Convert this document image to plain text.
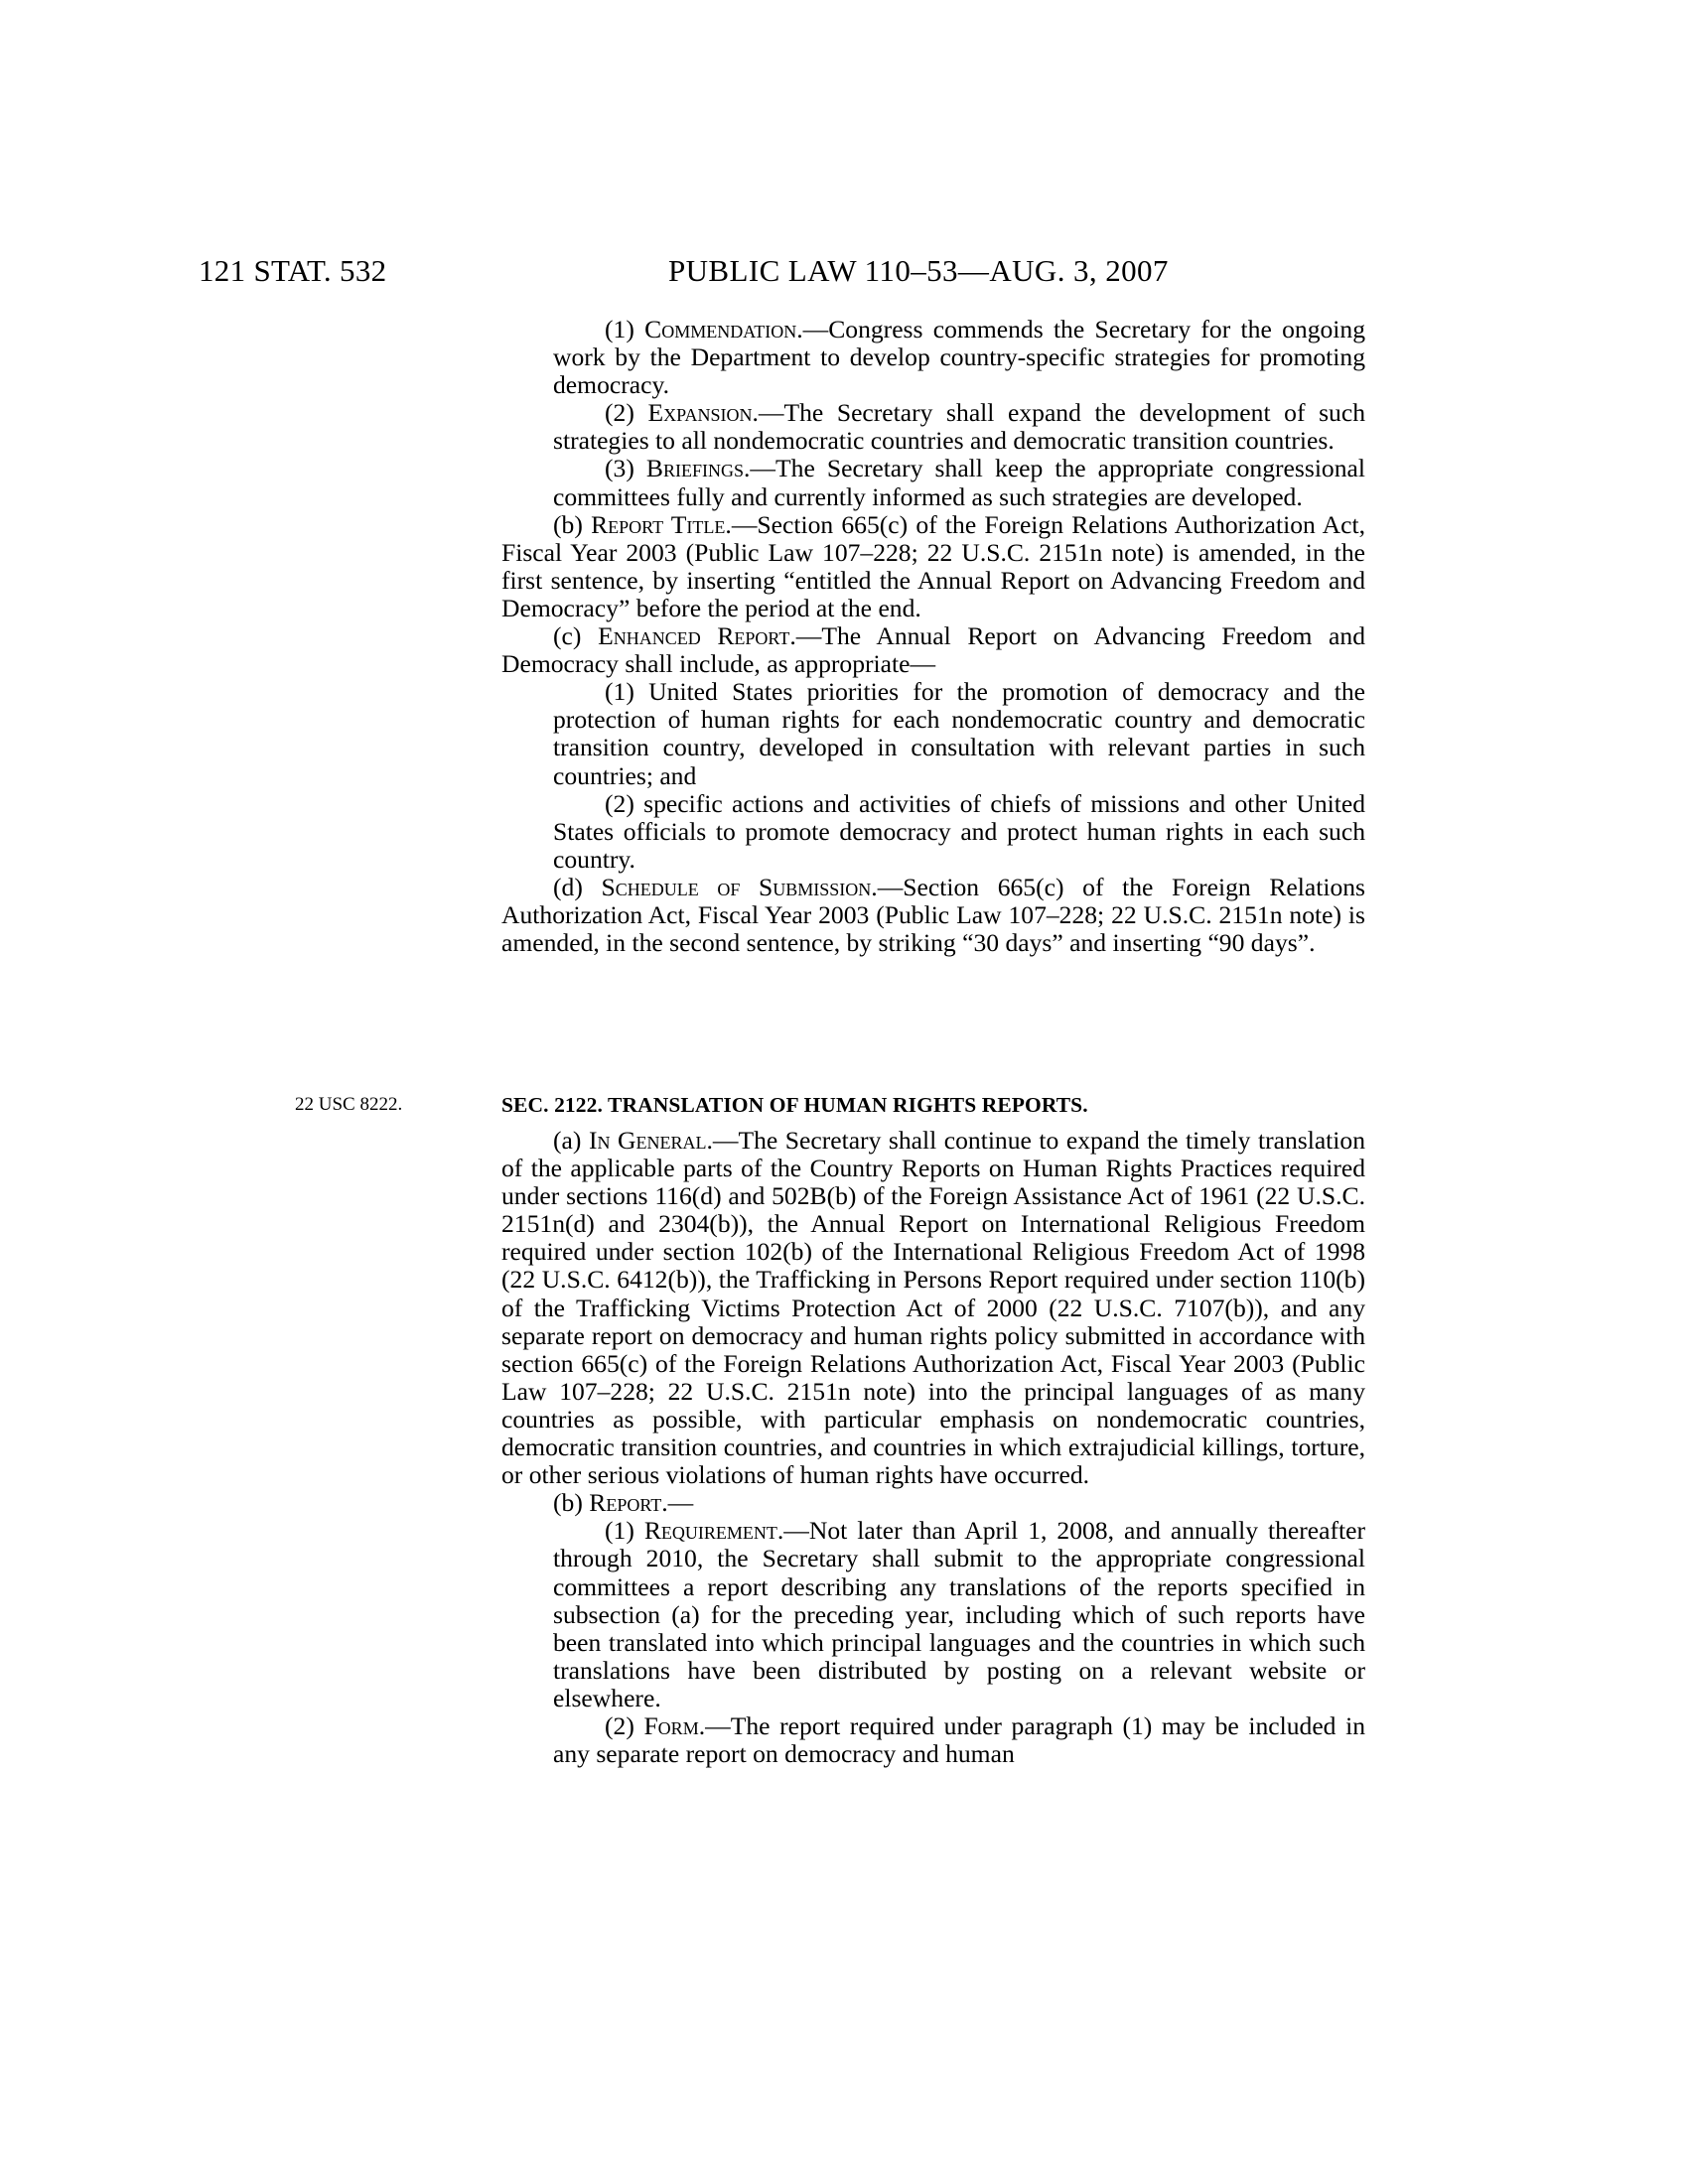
121 STAT. 532	PUBLIC LAW 110–53—AUG. 3, 2007

(1) Commendation.—Congress commends the Secretary for the ongoing work by the Department to develop country-specific strategies for promoting democracy.

(2) Expansion.—The Secretary shall expand the development of such strategies to all nondemocratic countries and democratic transition countries.

(3) Briefings.—The Secretary shall keep the appropriate congressional committees fully and currently informed as such strategies are developed.

(b) Report Title.—Section 665(c) of the Foreign Relations Authorization Act, Fiscal Year 2003 (Public Law 107–228; 22 U.S.C. 2151n note) is amended, in the first sentence, by inserting “entitled the Annual Report on Advancing Freedom and Democracy” before the period at the end.

(c) Enhanced Report.—The Annual Report on Advancing Freedom and Democracy shall include, as appropriate—

(1) United States priorities for the promotion of democracy and the protection of human rights for each nondemocratic country and democratic transition country, developed in consultation with relevant parties in such countries; and

(2) specific actions and activities of chiefs of missions and other United States officials to promote democracy and protect human rights in each such country.

(d) Schedule of Submission.—Section 665(c) of the Foreign Relations Authorization Act, Fiscal Year 2003 (Public Law 107–228; 22 U.S.C. 2151n note) is amended, in the second sentence, by striking “30 days” and inserting “90 days”.

22 USC 8222.	SEC. 2122. TRANSLATION OF HUMAN RIGHTS REPORTS.

(a) In General.—The Secretary shall continue to expand the timely translation of the applicable parts of the Country Reports on Human Rights Practices required under sections 116(d) and 502B(b) of the Foreign Assistance Act of 1961 (22 U.S.C. 2151n(d) and 2304(b)), the Annual Report on International Religious Freedom required under section 102(b) of the International Religious Freedom Act of 1998 (22 U.S.C. 6412(b)), the Trafficking in Persons Report required under section 110(b) of the Trafficking Victims Protection Act of 2000 (22 U.S.C. 7107(b)), and any separate report on democracy and human rights policy submitted in accordance with section 665(c) of the Foreign Relations Authorization Act, Fiscal Year 2003 (Public Law 107–228; 22 U.S.C. 2151n note) into the principal languages of as many countries as possible, with particular emphasis on nondemocratic countries, democratic transition countries, and countries in which extrajudicial killings, torture, or other serious violations of human rights have occurred.

(b) Report.—

(1) Requirement.—Not later than April 1, 2008, and annually thereafter through 2010, the Secretary shall submit to the appropriate congressional committees a report describing any translations of the reports specified in subsection (a) for the preceding year, including which of such reports have been translated into which principal languages and the countries in which such translations have been distributed by posting on a relevant website or elsewhere.

(2) Form.—The report required under paragraph (1) may be included in any separate report on democracy and human
